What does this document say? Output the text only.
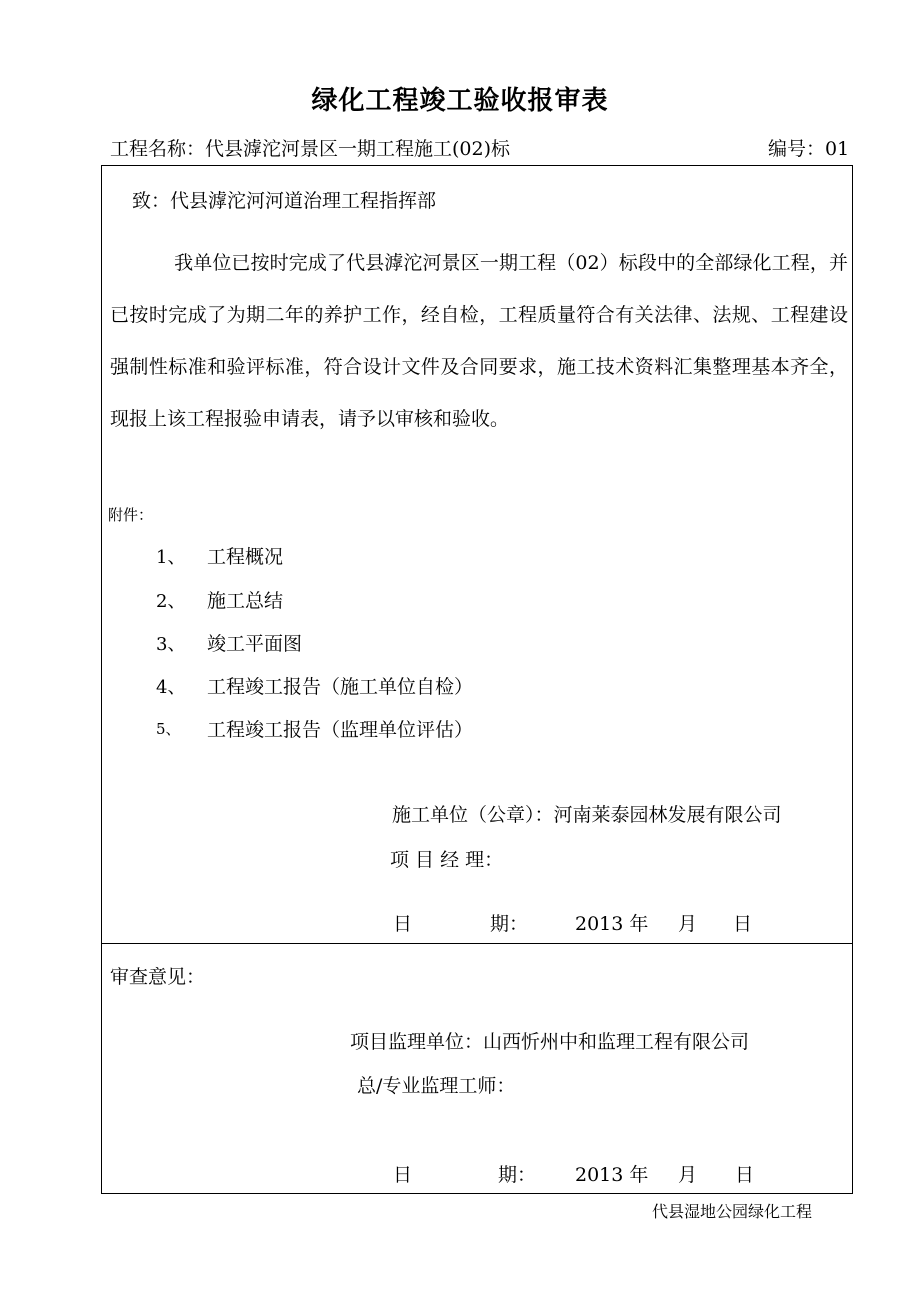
绿化工程竣工验收报审表
工程名称：代县滹沱河景区一期工程施工(02)标	编号：01
致：代县滹沱河河道治理工程指挥部
我单位已按时完成了代县滹沱河景区一期工程（02）标段中的全部绿化工程，并已按时完成了为期二年的养护工作，经自检，工程质量符合有关法律、法规、工程建设强制性标准和验评标准，符合设计文件及合同要求，施工技术资料汇集整理基本齐全，现报上该工程报验申请表，请予以审核和验收。
附件：
1、 工程概况
2、 施工总结
3、 竣工平面图
4、 工程竣工报告（施工单位自检）
5、 工程竣工报告（监理单位评估）
施工单位（公章）：河南莱泰园林发展有限公司
项 目 经 理：
日	期： 2013 年 月 日
审查意见：
项目监理单位：山西忻州中和监理工程有限公司
总/专业监理工师：
日	期： 2013 年 月 日
代县湿地公园绿化工程
